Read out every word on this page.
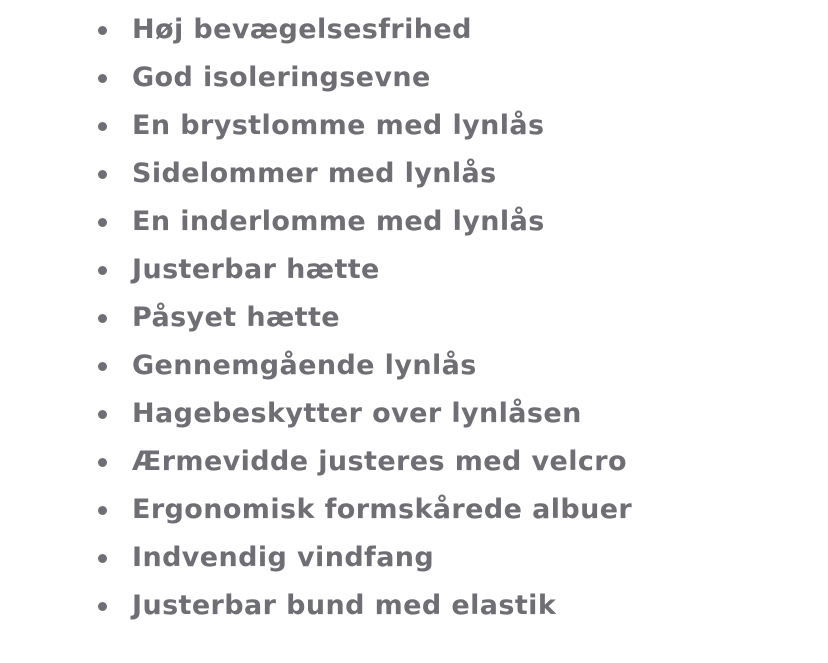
Høj bevægelsesfrihed
God isoleringsevne
En brystlomme med lynlås
Sidelommer med lynlås
En inderlomme med lynlås
Justerbar hætte
Påsyet hætte
Gennemgående lynlås
Hagebeskytter over lynlåsen
Ærmevidde justeres med velcro
Ergonomisk formskårede albuer
Indvendig vindfang
Justerbar bund med elastik
